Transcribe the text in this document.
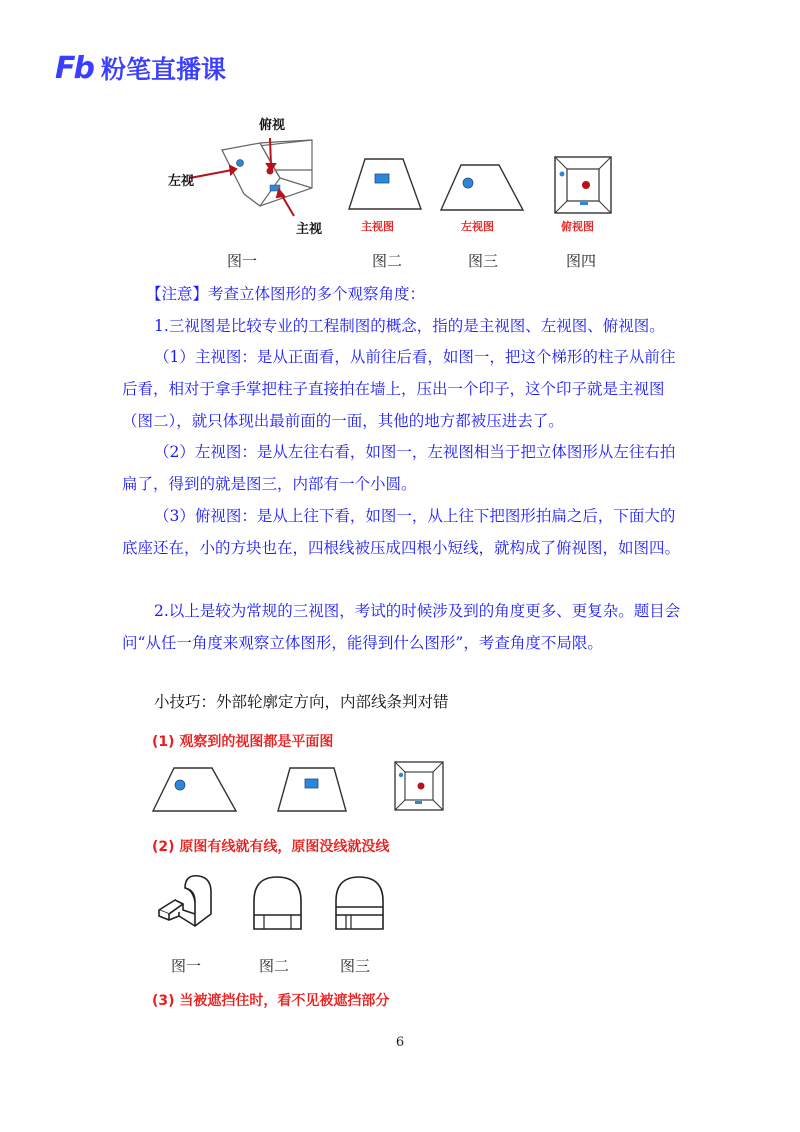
Fb 粉笔直播课
俯视
左视
主视	主视图	左视图	俯视图
图一	图二	图三	图四
【注意】考查立体图形的多个观察角度：
1.三视图是比较专业的工程制图的概念，指的是主视图、左视图、俯视图。
（1）主视图：是从正面看，从前往后看，如图一，把这个梯形的柱子从前往后看，相对于拿手掌把柱子直接拍在墙上，压出一个印子，这个印子就是主视图（图二），就只体现出最前面的一面，其他的地方都被压进去了。
（2）左视图：是从左往右看，如图一，左视图相当于把立体图形从左往右拍扁了，得到的就是图三，内部有一个小圆。
（3）俯视图：是从上往下看，如图一，从上往下把图形拍扁之后，下面大的底座还在，小的方块也在，四根线被压成四根小短线，就构成了俯视图，如图四。
2.以上是较为常规的三视图，考试的时候涉及到的角度更多、更复杂。题目会问“从任一角度来观察立体图形，能得到什么图形”，考查角度不局限。
小技巧：外部轮廓定方向，内部线条判对错
(1) 观察到的视图都是平面图
(2) 原图有线就有线，原图没线就没线
图一	图二	图三
(3) 当被遮挡住时，看不见被遮挡部分
6
